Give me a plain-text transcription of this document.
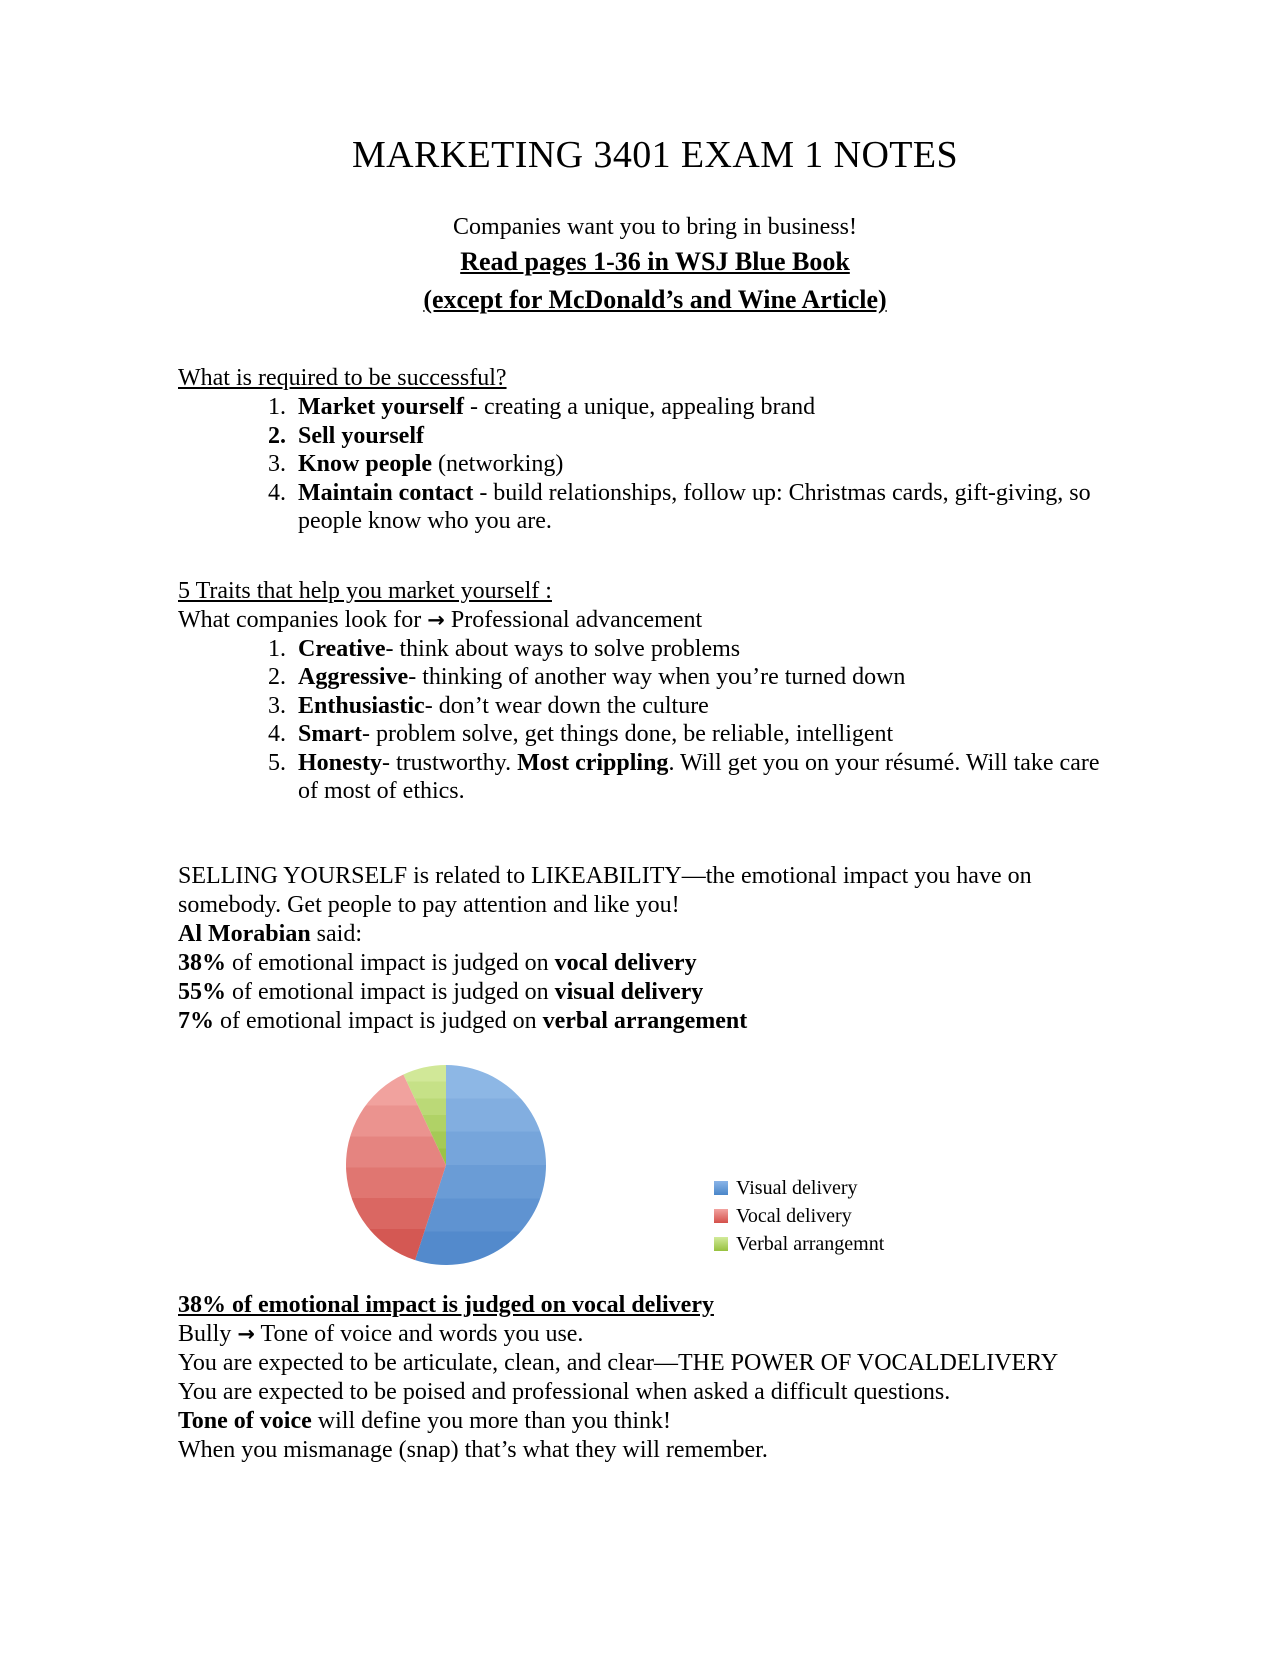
MARKETING 3401 EXAM 1 NOTES
Companies want you to bring in business!
Read pages 1-36 in WSJ Blue Book
(except for McDonald’s and Wine Article)

What is required to be successful?

1. Market yourself - creating a unique, appealing brand
2. Sell yourself
3. Know people (networking)
4. Maintain contact - build relationships, follow up: Christmas cards, gift-giving, so people know who you are.

5 Traits that help you market yourself :

What companies look for → Professional advancement

1. Creative- think about ways to solve problems
2. Aggressive- thinking of another way when you’re turned down
3. Enthusiastic- don’t wear down the culture
4. Smart- problem solve, get things done, be reliable, intelligent
5. Honesty- trustworthy. Most crippling. Will get you on your résumé. Will take care of most of ethics.

SELLING YOURSELF is related to LIKEABILITY—the emotional impact you have on somebody. Get people to pay attention and like you!

Al Morabian said:

38% of emotional impact is judged on vocal delivery

55% of emotional impact is judged on visual delivery

7% of emotional impact is judged on verbal arrangement

Visual delivery
Vocal delivery
Verbal arrangemnt

38% of emotional impact is judged on vocal delivery

Bully → Tone of voice and words you use.

You are expected to be articulate, clean, and clear—THE POWER OF VOCALDELIVERY

You are expected to be poised and professional when asked a difficult questions.

Tone of voice will define you more than you think!

When you mismanage (snap) that’s what they will remember.
